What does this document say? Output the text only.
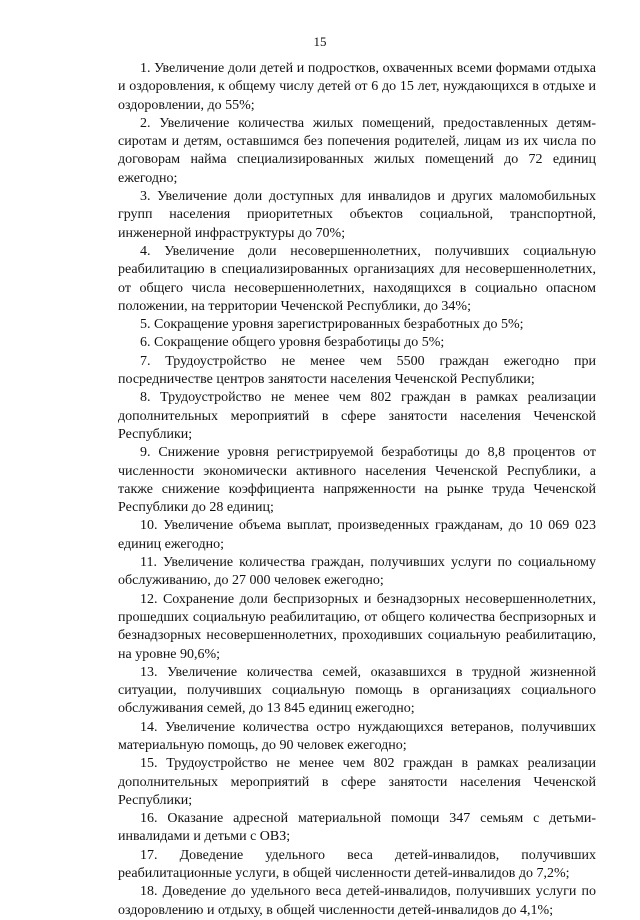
15

1. Увеличение доли детей и подростков, охваченных всеми формами отдыха и оздоровления, к общему числу детей от 6 до 15 лет, нуждающихся в отдыхе и оздоровлении, до 55%;

2. Увеличение количества жилых помещений, предоставленных детям-сиротам и детям, оставшимся без попечения родителей, лицам из их числа по договорам найма специализированных жилых помещений до 72 единиц ежегодно;

3. Увеличение доли доступных для инвалидов и других маломобильных групп населения приоритетных объектов социальной, транспортной, инженерной инфраструктуры до 70%;

4. Увеличение доли несовершеннолетних, получивших социальную реабилитацию в специализированных организациях для несовершеннолетних, от общего числа несовершеннолетних, находящихся в социально опасном положении, на территории Чеченской Республики, до 34%;

5. Сокращение уровня зарегистрированных безработных до 5%;

6. Сокращение общего уровня безработицы до 5%;

7. Трудоустройство не менее чем 5500 граждан ежегодно при посредничестве центров занятости населения Чеченской Республики;

8. Трудоустройство не менее чем 802 граждан в рамках реализации дополнительных мероприятий в сфере занятости населения Чеченской Республики;

9. Снижение уровня регистрируемой безработицы до 8,8 процентов от численности экономически активного населения Чеченской Республики, а также снижение коэффициента напряженности на рынке труда Чеченской Республики до 28 единиц;

10. Увеличение объема выплат, произведенных гражданам, до 10 069 023 единиц ежегодно;

11. Увеличение количества граждан, получивших услуги по социальному обслуживанию, до 27 000 человек ежегодно;

12. Сохранение доли беспризорных и безнадзорных несовершеннолетних, прошедших социальную реабилитацию, от общего количества беспризорных и безнадзорных несовершеннолетних, проходивших социальную реабилитацию, на уровне 90,6%;

13. Увеличение количества семей, оказавшихся в трудной жизненной ситуации, получивших социальную помощь в организациях социального обслуживания семей, до 13 845 единиц ежегодно;

14. Увеличение количества остро нуждающихся ветеранов, получивших материальную помощь, до 90 человек ежегодно;

15. Трудоустройство не менее чем 802 граждан в рамках реализации дополнительных мероприятий в сфере занятости населения Чеченской Республики;

16. Оказание адресной материальной помощи 347 семьям с детьми-инвалидами и детьми с ОВЗ;

17. Доведение удельного веса детей-инвалидов, получивших реабилитационные услуги, в общей численности детей-инвалидов до 7,2%;

18. Доведение до удельного веса детей-инвалидов, получивших услуги по оздоровлению и отдыху, в общей численности детей-инвалидов до 4,1%;
